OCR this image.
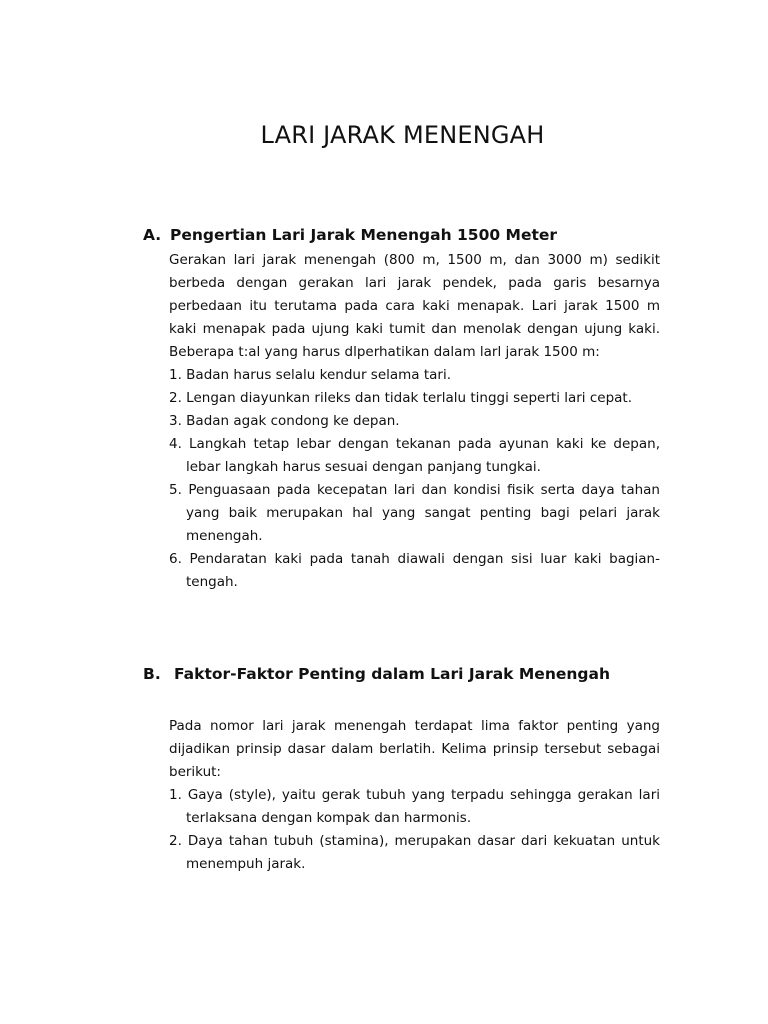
LARI JARAK MENENGAH
A. Pengertian Lari Jarak Menengah 1500 Meter

Gerakan lari jarak menengah (800 m, 1500 m, dan 3000 m) sedikit berbeda dengan gerakan lari jarak pendek, pada garis besarnya perbedaan itu terutama pada cara kaki menapak. Lari jarak 1500 m kaki menapak pada ujung kaki tumit dan menolak dengan ujung kaki. Beberapa t:al yang harus dlperhatikan dalam larl jarak 1500 m:

1. Badan harus selalu kendur selama tari.
2. Lengan diayunkan rileks dan tidak terlalu tinggi seperti lari cepat.
3. Badan agak condong ke depan.
4. Langkah tetap lebar dengan tekanan pada ayunan kaki ke depan, lebar langkah harus sesuai dengan panjang tungkai.
5. Penguasaan pada kecepatan lari dan kondisi fisik serta daya tahan yang baik merupakan hal yang sangat penting bagi pelari jarak menengah.
6. Pendaratan kaki pada tanah diawali dengan sisi luar kaki bagian-tengah.
B. Faktor-Faktor Penting dalam Lari Jarak Menengah

Pada nomor lari jarak menengah terdapat lima faktor penting yang dijadikan prinsip dasar dalam berlatih. Kelima prinsip tersebut sebagai berikut:

1. Gaya (style), yaitu gerak tubuh yang terpadu sehingga gerakan lari terlaksana dengan kompak dan harmonis.
2. Daya tahan tubuh (stamina), merupakan dasar dari kekuatan untuk menempuh jarak.
